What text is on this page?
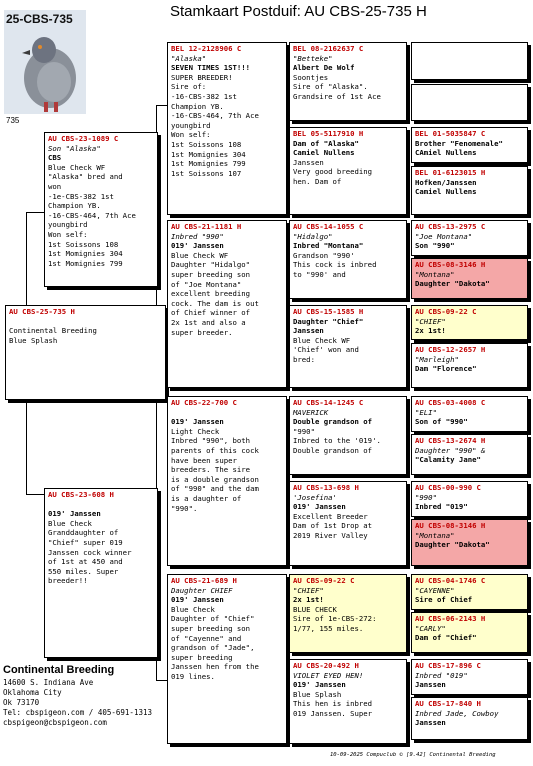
Stamkaart Postduif: AU CBS-25-735 H
25-CBS-735
735
AU CBS-25-735 H

Continental Breeding
Blue Splash
AU CBS-23-1089 C
Son "Alaska"
CBS
Blue Check WF
"Alaska" bred and
won
-1e-CBS-382 1st
Champion YB.
-16-CBS-464, 7th Ace
youngbird
Won self:
1st Soissons 108
1st Momignies 304
1st Momignies 799
AU CBS-23-608 H

019' Janssen
Blue Check
Granddaughter of
"Chief" super 019
Janssen cock winner
of 1st at 450 and
550 miles. Super
breeder!!
BEL 12-2128906 C
"Alaska"
SEVEN TIMES 1ST!!!
SUPER BREEDER!
Sire of:
-16-CBS-382 1st
Champion YB.
-16-CBS-464, 7th Ace
youngbird
Won self:
1st Soissons 108
1st Momignies 304
1st Momignies 799
1st Soissons 107
AU CBS-21-1181 H
Inbred "990"
019' Janssen
Blue Check WF
Daughter "Hidalgo"
super breeding son
of "Joe Montana"
excellent breeding
cock. The dam is out
of Chief winner of
2x 1st and also a
super breeder.
AU CBS-22-700 C

019' Janssen
Light Check
Inbred "990", both
parents of this cock
have been super
breeders. The sire
is a double grandson
of "990" and the dam
is a daughter of
"990".
AU CBS-21-689 H
Daughter CHIEF
019' Janssen
Blue Check
Daughter of "Chief"
super breeding son
of "Cayenne" and
grandson of "Jade",
super breeding
Janssen hen from the
019 lines.
BEL 08-2162637 C
"Betteke"
Albert De Wolf
Soontjes
Sire of "Alaska".
Grandsire of 1st Ace
BEL 05-5117910 H
Dam of "Alaska"
Camiel Nullens
Janssen
Very good breeding
hen. Dam of
AU CBS-14-1055 C
"Hidalgo"
Inbred "Montana"
Grandson "990'
This cock is inbred
to "990' and
AU CBS-15-1585 H
Daughter "Chief"
Janssen
Blue Check WF
'Chief' won and
bred:
AU CBS-14-1245 C
MAVERICK
Double grandson of
"990"
Inbred to the '019'.
Double grandson of
AU CBS-13-698 H
'Josefina'
019' Janssen
Excellent Breeder
Dam of 1st Drop at
2019 River Valley
AU CBS-09-22 C
"CHIEF"
2x 1st!
BLUE CHECK
Sire of 1e-CBS-272:
1/77, 155 miles.
AU CBS-20-492 H
VIOLET EYED HEN!
019' Janssen
Blue Splash
This hen is inbred
019 Janssen. Super
BEL 01-5035847 C
Brother "Fenomenale"
CAmiel Nullens
BEL 01-6123015 H
Hofken/Janssen
Camiel Nullens
AU CBS-13-2975 C
"Joe Montana"
Son "990"
AU CBS-08-3146 H
"Montana"
Daughter "Dakota"
AU CBS-09-22 C
"CHIEF"
2x 1st!
AU CBS-12-2657 H
"Marleigh"
Dam "Florence"
AU CBS-03-4008 C
"ELI"
Son of "990"
AU CBS-13-2674 H
Daughter "990" &
"Calamity Jane"
AU CBS-00-990 C
"990"
Inbred "019"
AU CBS-08-3146 H
"Montana"
Daughter "Dakota"
AU CBS-04-1746 C
"CAYENNE"
Sire of Chief
AU CBS-06-2143 H
"CARLY"
Dam of "Chief"
AU CBS-17-896 C
Inbred "019"
Janssen
AU CBS-17-840 H
Inbred Jade, Cowboy
Janssen
Continental Breeding
14600 S. Indiana Ave
Oklahoma City
Ok 73170
Tel: cbspigeon.com / 405-691-1313
cbspigeon@cbspigeon.com
10-09-2025 Compuclub © [9.42] Continental Breeding
